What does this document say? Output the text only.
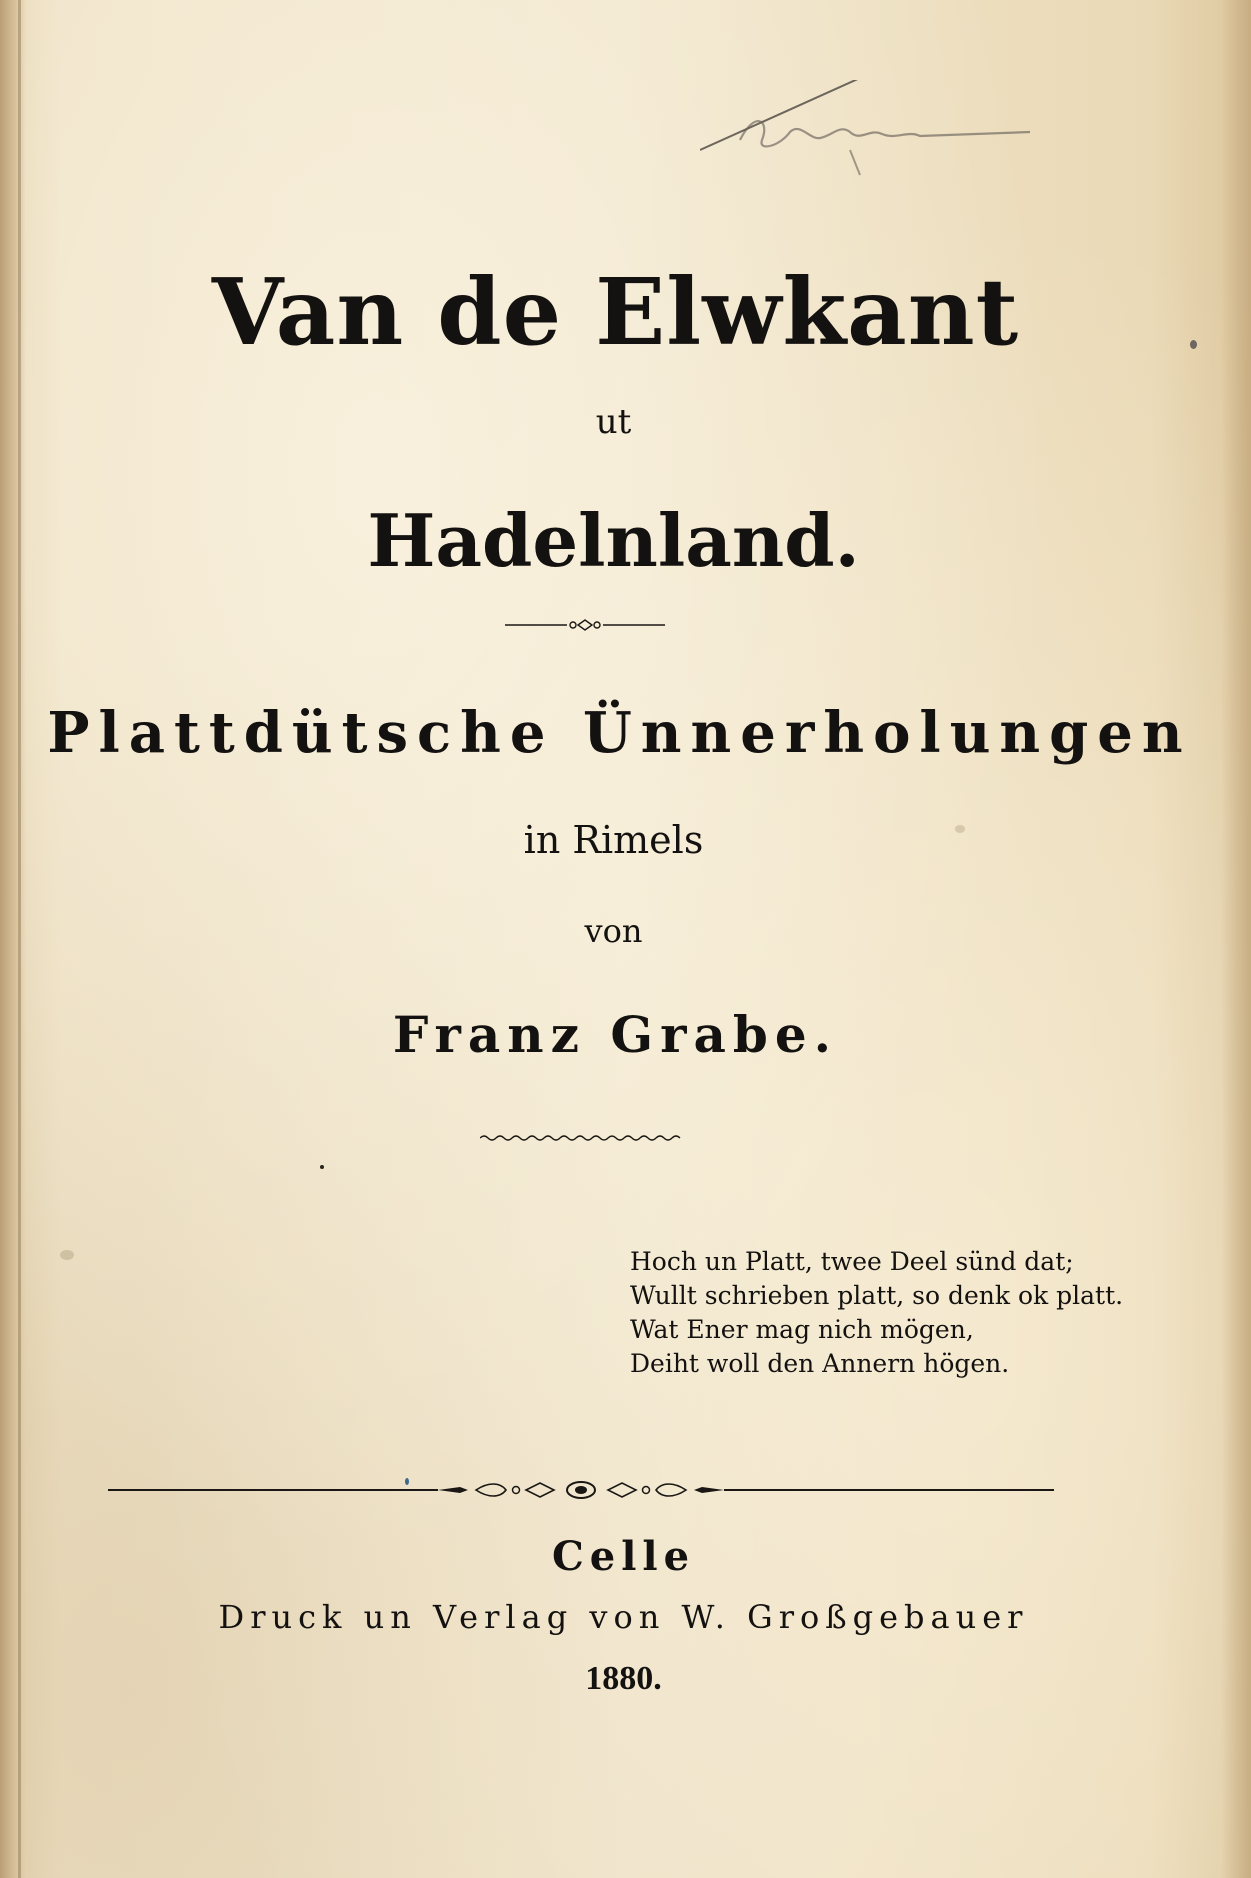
Van de Elwkant
ut
Hadelnland.
Plattdütsche Ünnerholungen
in Rimels
von
Franz Grabe.
Hoch un Platt, twee Deel sünd dat;
Wullt schrieben platt, so denk ok platt.
Wat Ener mag nich mögen,
Deiht woll den Annern högen.
Celle
Druck un Verlag von W. Großgebauer
1880.
